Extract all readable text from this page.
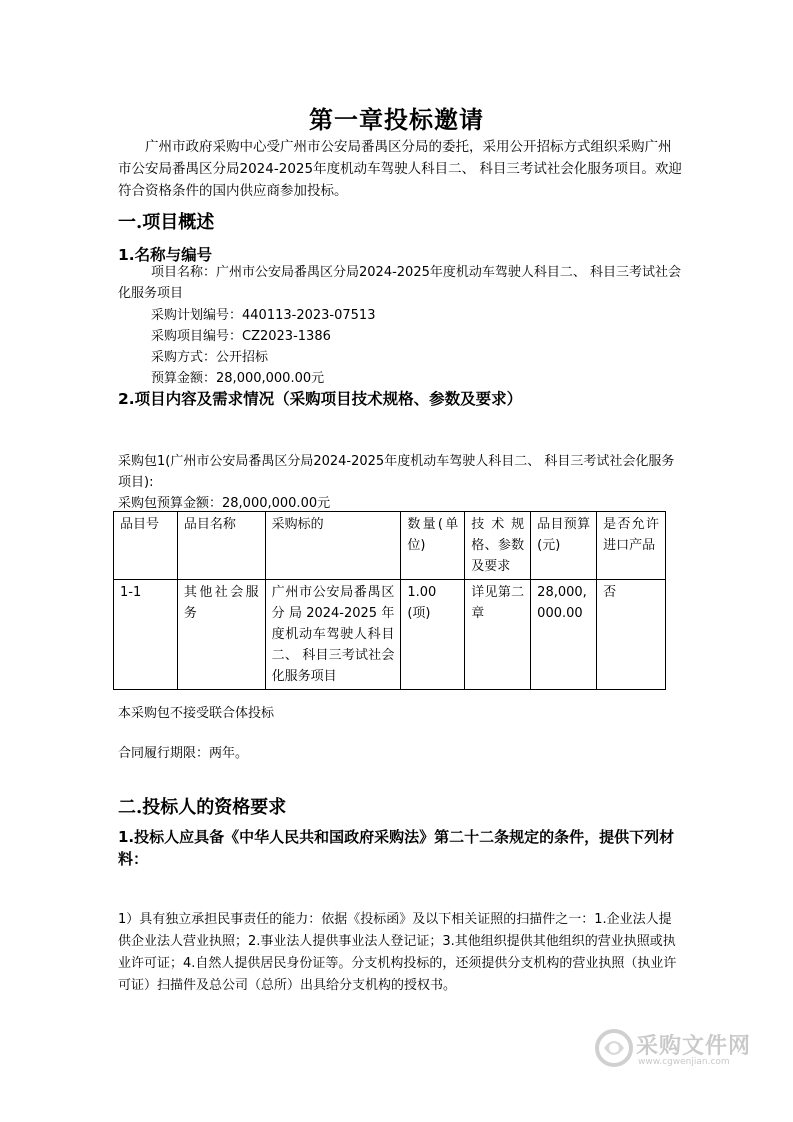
第一章投标邀请
广州市政府采购中心受广州市公安局番禺区分局的委托，采用公开招标方式组织采购广州市公安局番禺区分局2024-2025年度机动车驾驶人科目二、 科目三考试社会化服务项目。欢迎符合资格条件的国内供应商参加投标。
一.项目概述
1.名称与编号
项目名称：广州市公安局番禺区分局2024-2025年度机动车驾驶人科目二、 科目三考试社会化服务项目
采购计划编号：440113-2023-07513
采购项目编号：CZ2023-1386
采购方式：公开招标
预算金额：28,000,000.00元
2.项目内容及需求情况（采购项目技术规格、参数及要求）
采购包1(广州市公安局番禺区分局2024-2025年度机动车驾驶人科目二、 科目三考试社会化服务项目):
采购包预算金额：28,000,000.00元
品目号	品目名称	采购标的	数量(单位)	技术规格、参数及要求	品目预算(元)	是否允许进口产品
1-1	其他社会服务	广州市公安局番禺区分局2024-2025年度机动车驾驶人科目二、 科目三考试社会化服务项目	1.00(项)	详见第二章	28,000,000.00	否
本采购包不接受联合体投标
合同履行期限：两年。
二.投标人的资格要求
1.投标人应具备《中华人民共和国政府采购法》第二十二条规定的条件，提供下列材料：
1）具有独立承担民事责任的能力：依据《投标函》及以下相关证照的扫描件之一：1.企业法人提供企业法人营业执照；2.事业法人提供事业法人登记证；3.其他组织提供其他组织的营业执照或执业许可证；4.自然人提供居民身份证等。分支机构投标的，还须提供分支机构的营业执照（执业许可证）扫描件及总公司（总所）出具给分支机构的授权书。
采购文件网
www.cgwenjian.com
